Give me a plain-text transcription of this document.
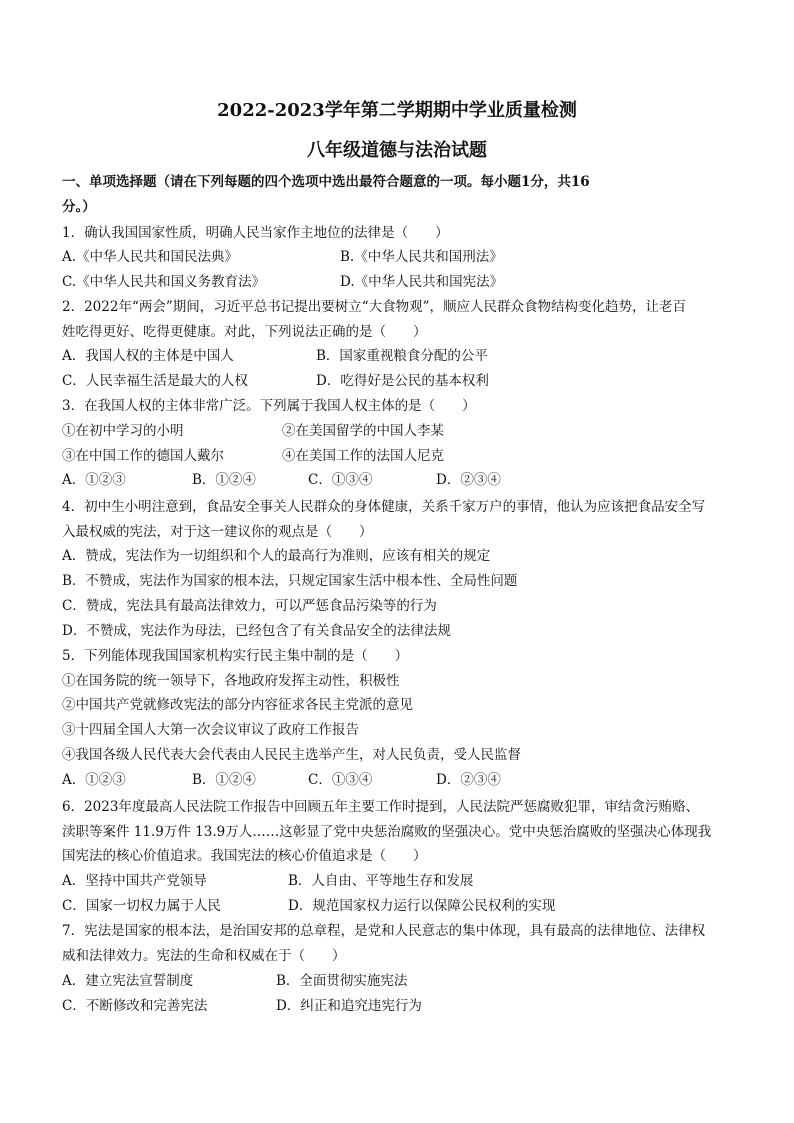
2022-2023学年第二学期期中学业质量检测
八年级道德与法治试题
一、单项选择题（请在下列每题的四个选项中选出最符合题意的一项。每小题1分，共16
分。）
1．确认我国国家性质，明确人民当家作主地位的法律是（　　）
A.《中华人民共和国民法典》	B.《中华人民共和国刑法》
C.《中华人民共和国义务教育法》	D.《中华人民共和国宪法》
2．2022年“两会”期间，习近平总书记提出要树立“大食物观”，顺应人民群众食物结构变化趋势，让老百
姓吃得更好、吃得更健康。对此，下列说法正确的是（　　）
A．我国人权的主体是中国人	B．国家重视粮食分配的公平
C．人民幸福生活是最大的人权	D．吃得好是公民的基本权利
3．在我国人权的主体非常广泛。下列属于我国人权主体的是（　　）
①在初中学习的小明	②在美国留学的中国人李某
③在中国工作的德国人戴尔	④在美国工作的法国人尼克
A．①②③	B．①②④	C．①③④	D．②③④
4．初中生小明注意到，食品安全事关人民群众的身体健康，关系千家万户的事情，他认为应该把食品安全写
入最权威的宪法，对于这一建议你的观点是（　　）
A．赞成，宪法作为一切组织和个人的最高行为准则，应该有相关的规定
B．不赞成，宪法作为国家的根本法，只规定国家生活中根本性、全局性问题
C．赞成，宪法具有最高法律效力，可以严惩食品污染等的行为
D．不赞成，宪法作为母法，已经包含了有关食品安全的法律法规
5．下列能体现我国国家机构实行民主集中制的是（　　）
①在国务院的统一领导下，各地政府发挥主动性，积极性
②中国共产党就修改宪法的部分内容征求各民主党派的意见
③十四届全国人大第一次会议审议了政府工作报告
④我国各级人民代表大会代表由人民民主选举产生，对人民负责，受人民监督
A．①②③	B．①②④	C．①③④	D．②③④
6．2023年度最高人民法院工作报告中回顾五年主要工作时提到，人民法院严惩腐败犯罪，审结贪污贿赂、
渎职等案件 11.9万件 13.9万人……这彰显了党中央惩治腐败的坚强决心。党中央惩治腐败的坚强决心体现我
国宪法的核心价值追求。我国宪法的核心价值追求是（　　）
A．坚持中国共产党领导	B．人自由、平等地生存和发展
C．国家一切权力属于人民	D．规范国家权力运行以保障公民权利的实现
7．宪法是国家的根本法，是治国安邦的总章程，是党和人民意志的集中体现，具有最高的法律地位、法律权
威和法律效力。宪法的生命和权威在于（　　）
A．建立宪法宣誓制度	B．全面贯彻实施宪法
C．不断修改和完善宪法	D．纠正和追究违宪行为
